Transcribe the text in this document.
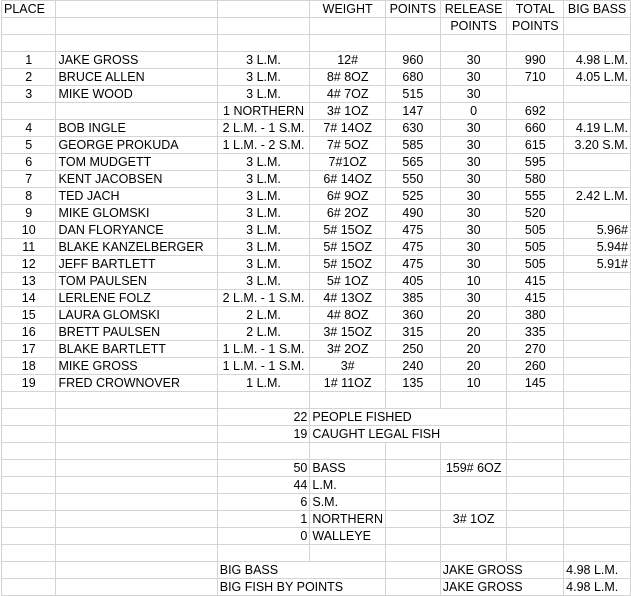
PLACE			WEIGHT	POINTS	RELEASE	TOTAL	BIG BASS
					POINTS	POINTS	

1	JAKE GROSS	3 L.M.	12#	960	30	990	4.98 L.M.
2	BRUCE ALLEN	3 L.M.	8# 8OZ	680	30	710	4.05 L.M.
3	MIKE WOOD	3 L.M.	4# 7OZ	515	30		
		1 NORTHERN	3# 1OZ	147	0	692	
4	BOB INGLE	2 L.M. - 1 S.M.	7# 14OZ	630	30	660	4.19 L.M.
5	GEORGE PROKUDA	1 L.M. - 2 S.M.	7# 5OZ	585	30	615	3.20 S.M.
6	TOM MUDGETT	3 L.M.	7#1OZ	565	30	595	
7	KENT JACOBSEN	3 L.M.	6# 14OZ	550	30	580	
8	TED JACH	3 L.M.	6# 9OZ	525	30	555	2.42 L.M.
9	MIKE GLOMSKI	3 L.M.	6# 2OZ	490	30	520	
10	DAN FLORYANCE	3 L.M.	5# 15OZ	475	30	505	5.96#
11	BLAKE KANZELBERGER	3 L.M.	5# 15OZ	475	30	505	5.94#
12	JEFF BARTLETT	3 L.M.	5# 15OZ	475	30	505	5.91#
13	TOM PAULSEN	3 L.M.	5# 1OZ	405	10	415	
14	LERLENE FOLZ	2 L.M. - 1 S.M.	4# 13OZ	385	30	415	
15	LAURA GLOMSKI	2 L.M.	4# 8OZ	360	20	380	
16	BRETT PAULSEN	2 L.M.	3# 15OZ	315	20	335	
17	BLAKE BARTLETT	1 L.M. - 1 S.M.	3# 2OZ	250	20	270	
18	MIKE GROSS	1 L.M. - 1 S.M.	3#	240	20	260	
19	FRED CROWNOVER	1 L.M.	1# 11OZ	135	10	145	

		22	PEOPLE FISHED				
		19	CAUGHT LEGAL FISH				

		50	BASS		159# 6OZ		
		44	L.M.				
		6	S.M.				
		1	NORTHERN		3# 1OZ		
		0	WALLEYE				

		BIG BASS			JAKE GROSS		4.98 L.M.
		BIG FISH BY POINTS			JAKE GROSS		4.98 L.M.
